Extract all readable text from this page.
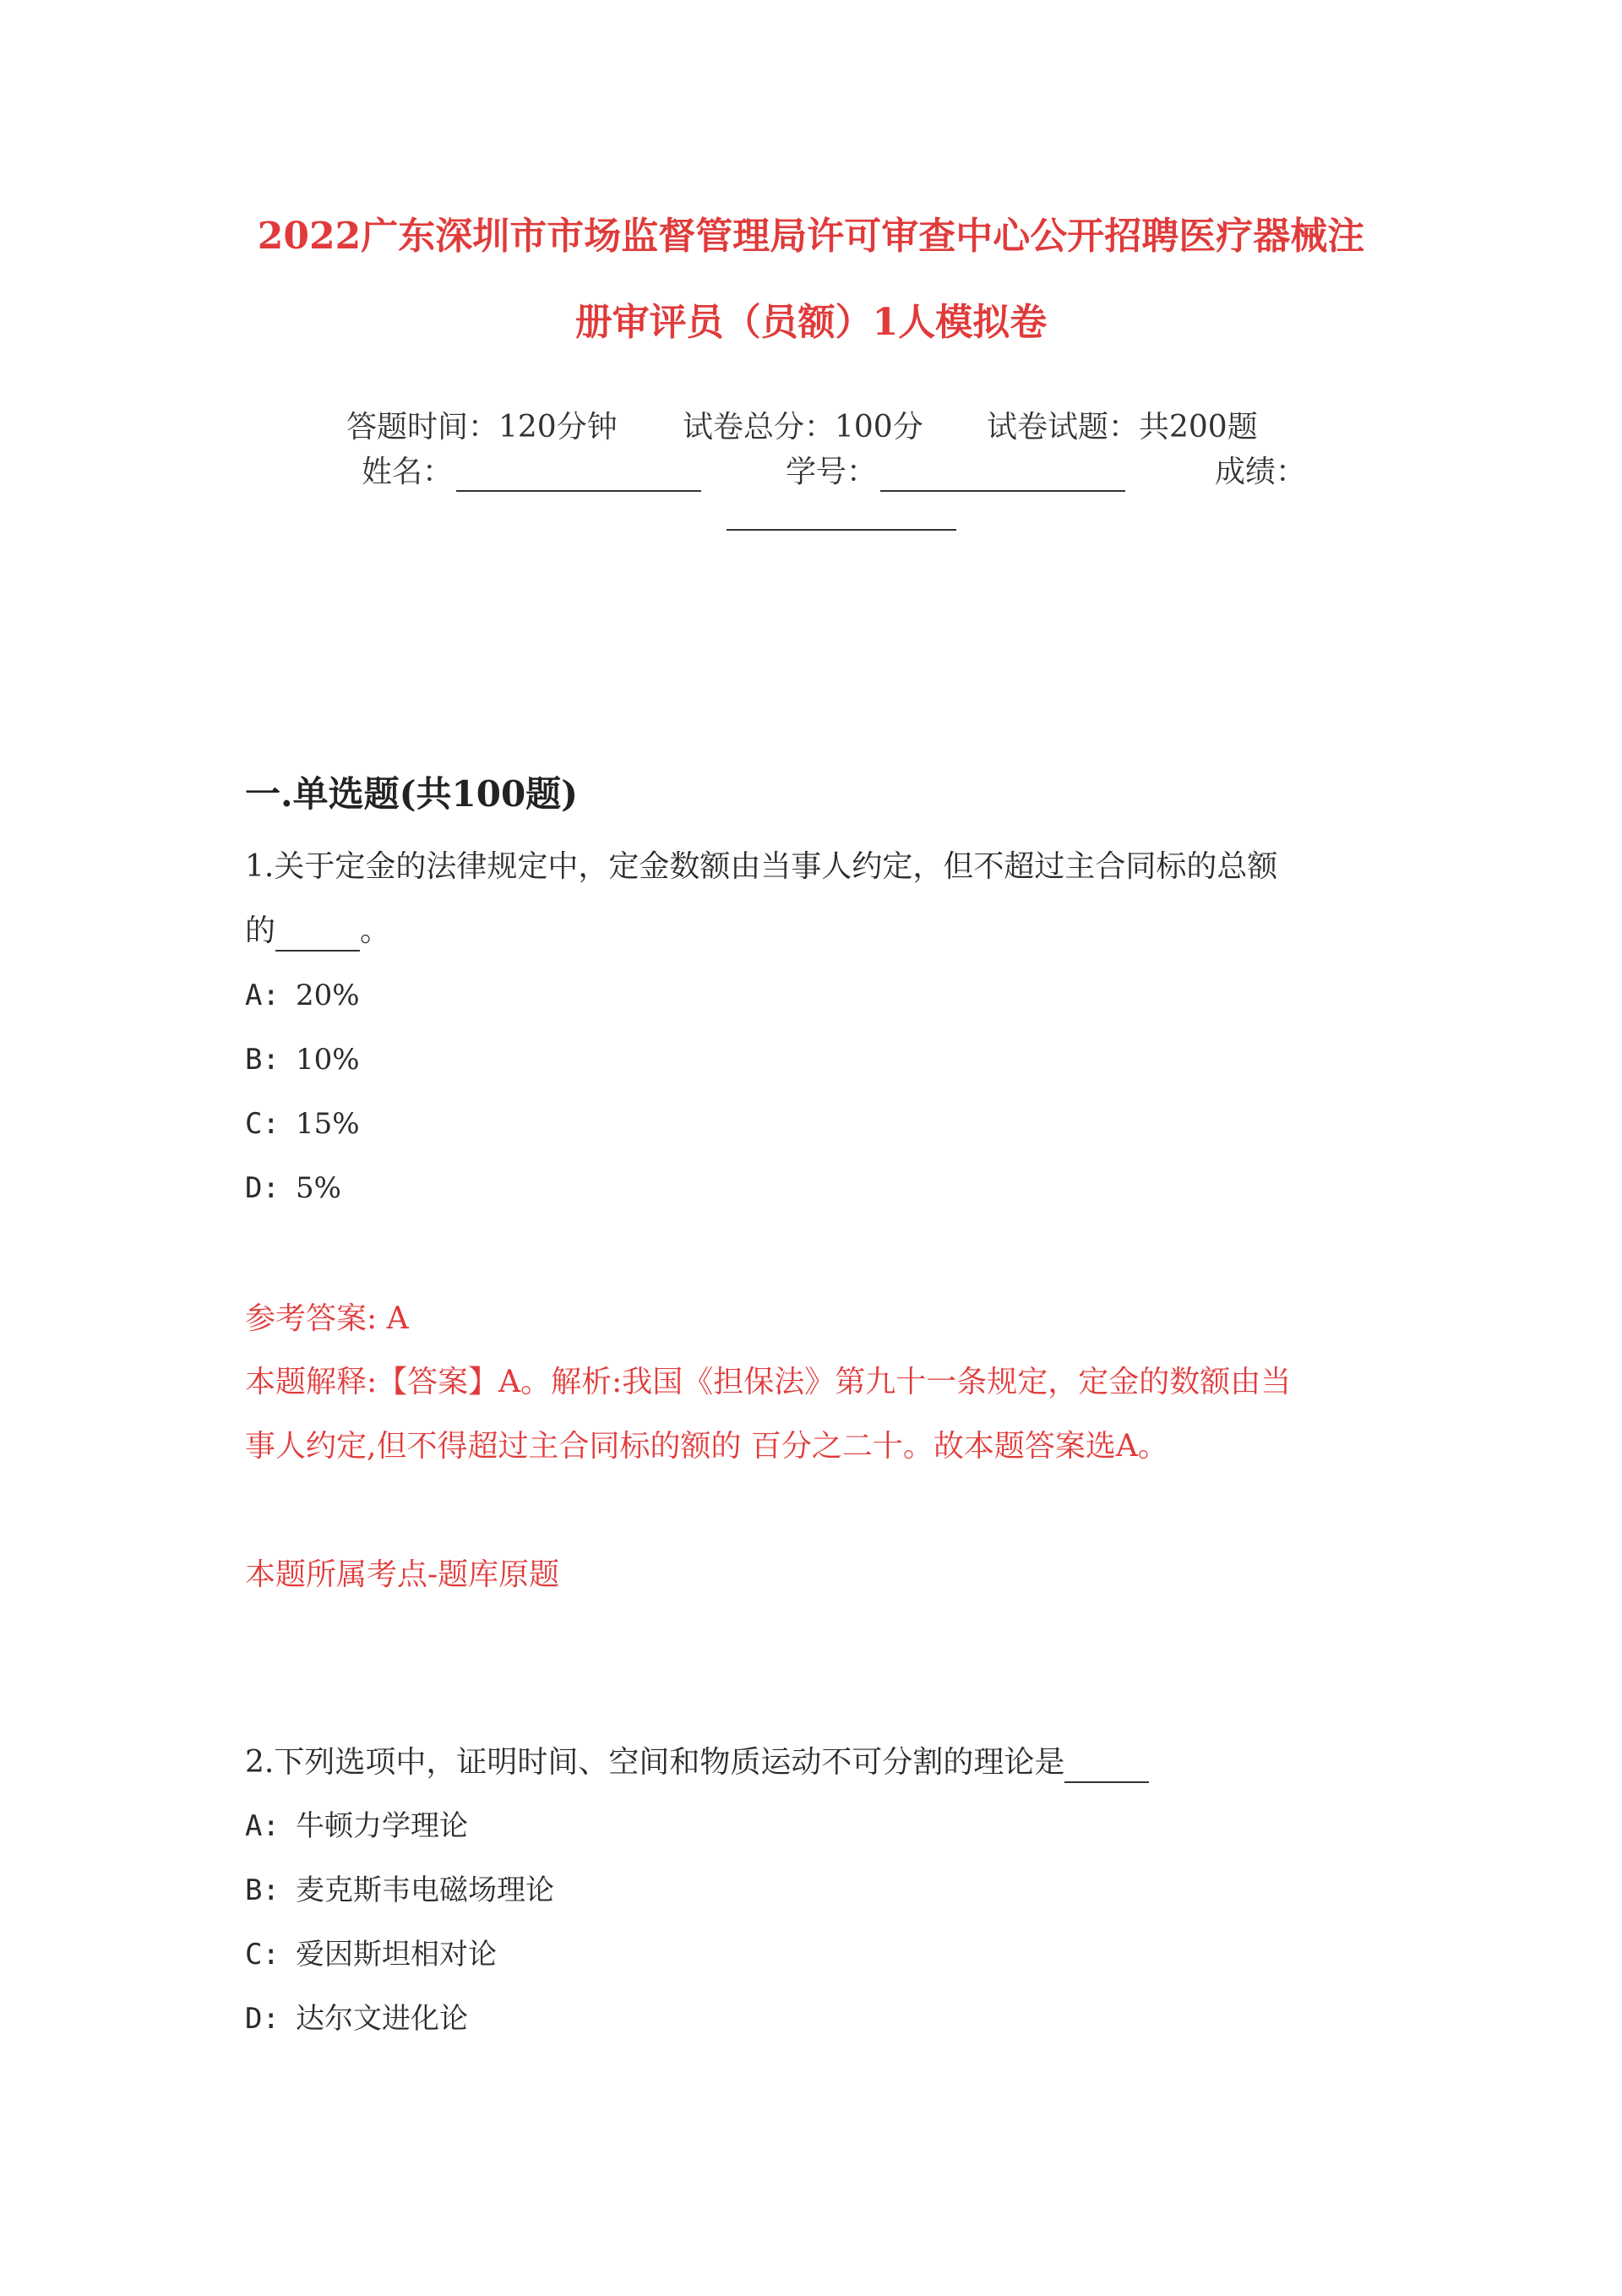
2022广东深圳市市场监督管理局许可审查中心公开招聘医疗器械注
册审评员（员额）1人模拟卷
答题时间：120分钟 试卷总分：100分 试卷试题：共200题
姓名：	学号：	成绩：
一.单选题(共100题)
1.关于定金的法律规定中，定金数额由当事人约定，但不超过主合同标的总额
的	。
A: 20%
B: 10%
C: 15%
D: 5%
参考答案: A
本题解释:【答案】A。解析:我国《担保法》第九十一条规定，定金的数额由当
事人约定,但不得超过主合同标的额的 百分之二十。故本题答案选A。
本题所属考点-题库原题
2.下列选项中，证明时间、空间和物质运动不可分割的理论是
A: 牛顿力学理论
B: 麦克斯韦电磁场理论
C: 爱因斯坦相对论
D: 达尔文进化论
